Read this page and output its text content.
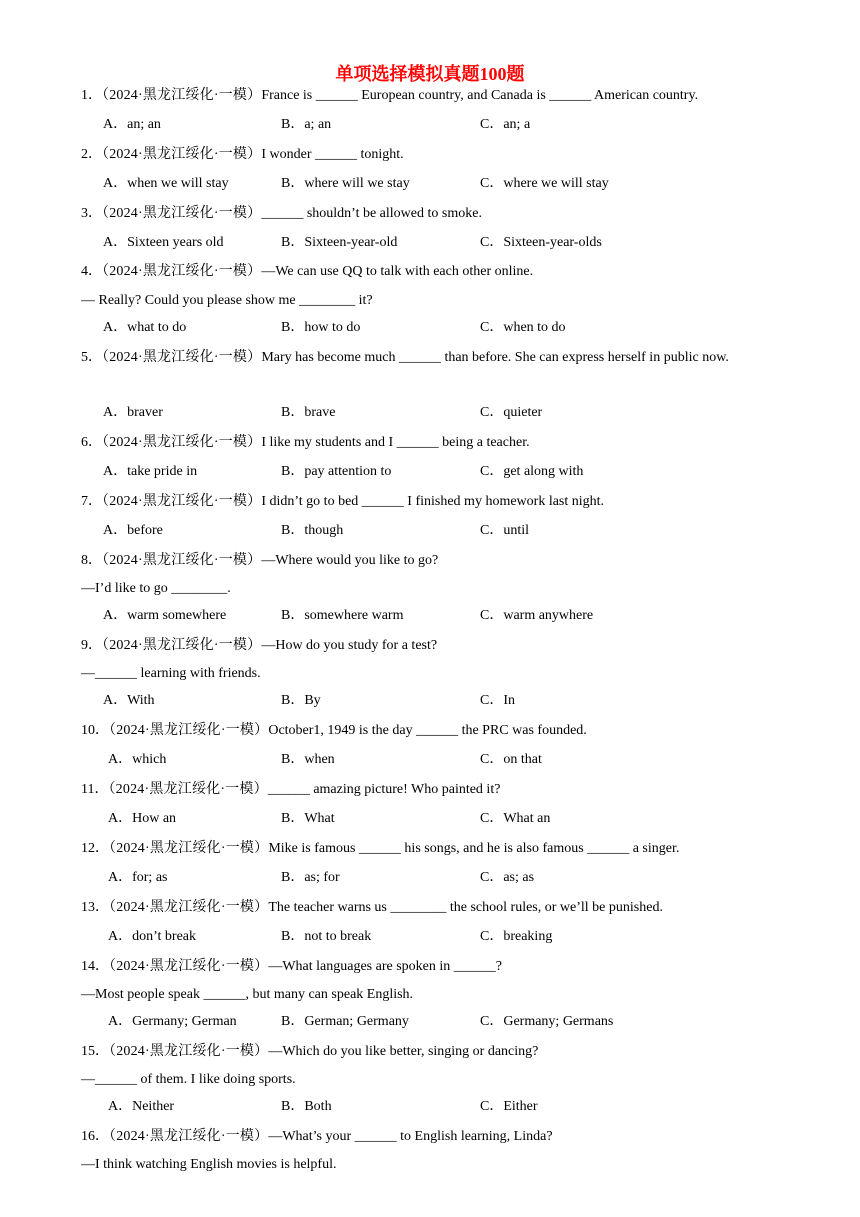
单项选择模拟真题100题
1．（2024·黑龙江绥化·一模）France is ______ European country, and Canada is ______ American country.
A．an; an	B．a; an	C．an; a
2．（2024·黑龙江绥化·一模）I wonder ______ tonight.
A．when we will stay	B．where will we stay	C．where we will stay
3．（2024·黑龙江绥化·一模）______ shouldn’t be allowed to smoke.
A．Sixteen years old	B．Sixteen-year-old	C．Sixteen-year-olds
4．（2024·黑龙江绥化·一模）—We can use QQ to talk with each other online.
— Really? Could you please show me ________ it?
A．what to do	B．how to do	C．when to do
5．（2024·黑龙江绥化·一模）Mary has become much ______ than before. She can express herself in public now.
A．braver	B．brave	C．quieter
6．（2024·黑龙江绥化·一模）I like my students and I ______ being a teacher.
A．take pride in	B．pay attention to	C．get along with
7．（2024·黑龙江绥化·一模）I didn’t go to bed ______ I finished my homework last night.
A．before	B．though	C．until
8．（2024·黑龙江绥化·一模）—Where would you like to go?
—I’d like to go ________.
A．warm somewhere	B．somewhere warm	C．warm anywhere
9．（2024·黑龙江绥化·一模）—How do you study for a test?
—______ learning with friends.
A．With	B．By	C．In
10．（2024·黑龙江绥化·一模）October1, 1949 is the day ______ the PRC was founded.
A．which	B．when	C．on that
11．（2024·黑龙江绥化·一模）______ amazing picture! Who painted it?
A．How an	B．What	C．What an
12．（2024·黑龙江绥化·一模）Mike is famous ______ his songs, and he is also famous ______ a singer.
A．for; as	B．as; for	C．as; as
13．（2024·黑龙江绥化·一模）The teacher warns us ________ the school rules, or we’ll be punished.
A．don’t break	B．not to break	C．breaking
14．（2024·黑龙江绥化·一模）—What languages are spoken in ______?
—Most people speak ______, but many can speak English.
A．Germany; German	B．German; Germany	C．Germany; Germans
15．（2024·黑龙江绥化·一模）—Which do you like better, singing or dancing?
—______ of them. I like doing sports.
A．Neither	B．Both	C．Either
16．（2024·黑龙江绥化·一模）—What’s your ______ to English learning, Linda?
—I think watching English movies is helpful.
